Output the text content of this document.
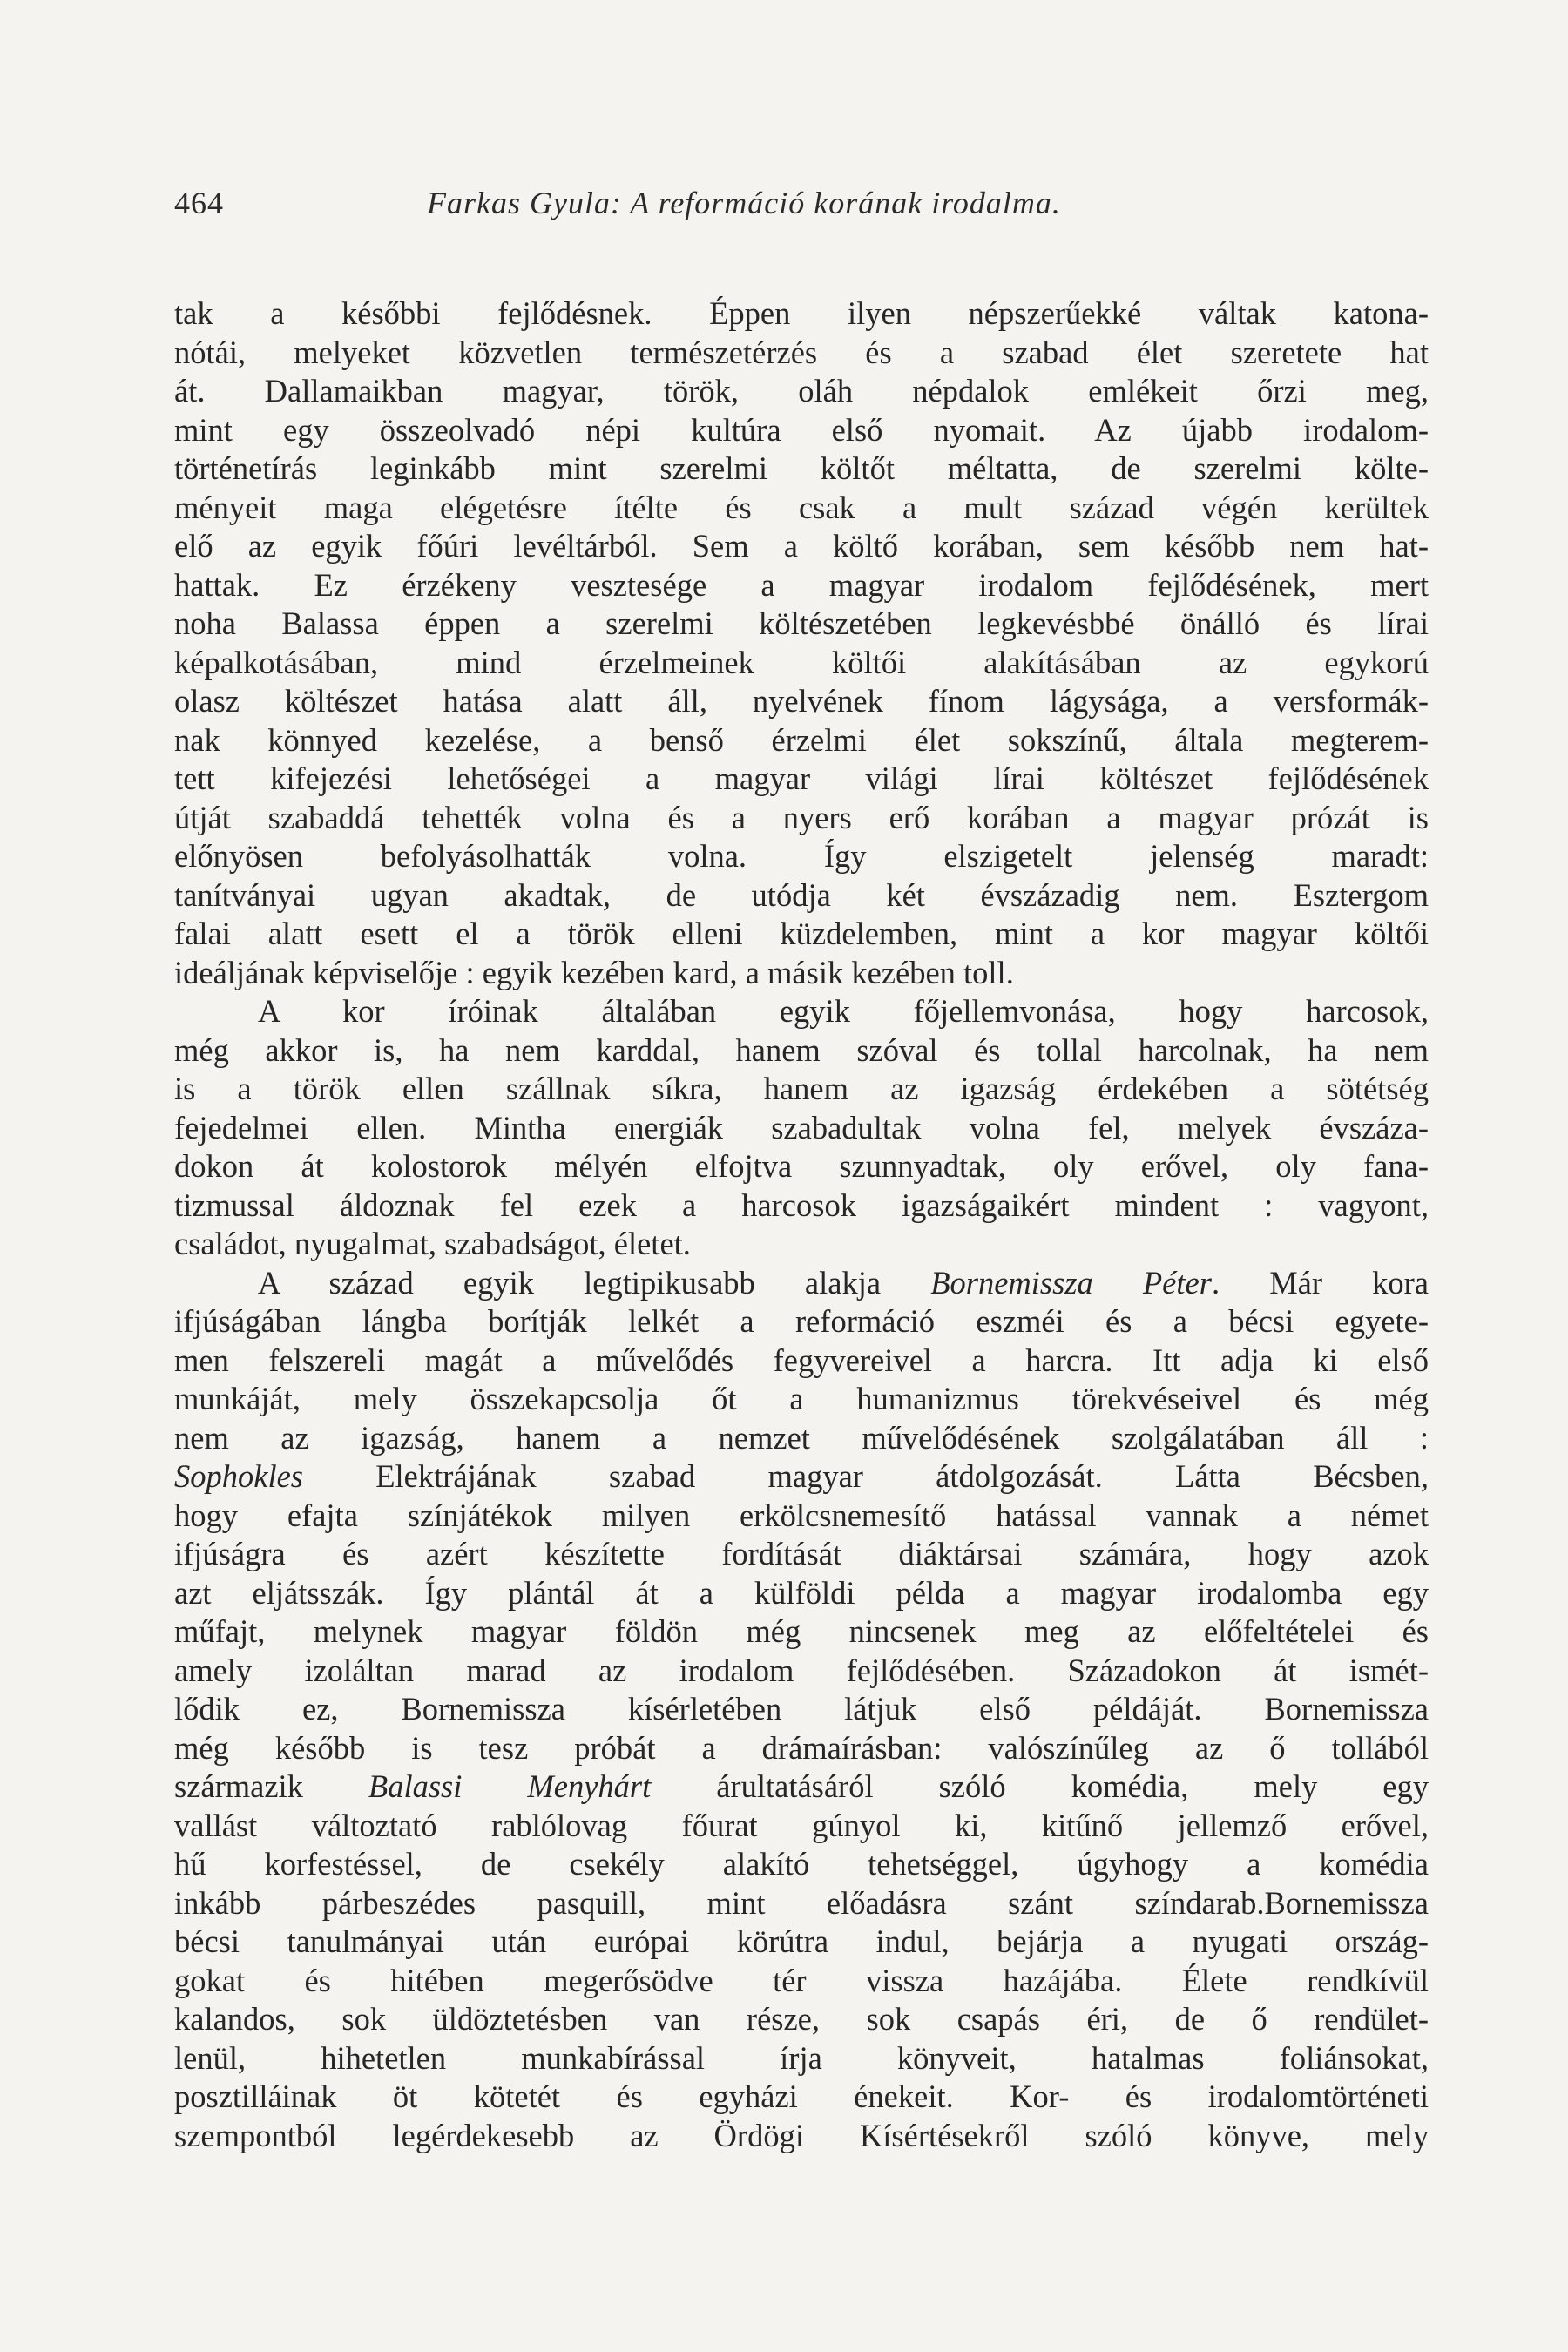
464	Farkas Gyula: A reformáció korának irodalma.
tak a későbbi fejlődésnek. Éppen ilyen népszerűekké váltak katona-
nótái, melyeket közvetlen természetérzés és a szabad élet szeretete hat
át. Dallamaikban magyar, török, oláh népdalok emlékeit őrzi meg,
mint egy összeolvadó népi kultúra első nyomait. Az újabb irodalom-
történetírás leginkább mint szerelmi költőt méltatta, de szerelmi költe-
ményeit maga elégetésre ítélte és csak a mult század végén kerültek
elő az egyik főúri levéltárból. Sem a költő korában, sem később nem hat-
hattak. Ez érzékeny vesztesége a magyar irodalom fejlődésének, mert
noha Balassa éppen a szerelmi költészetében legkevésbbé önálló és lírai
képalkotásában, mind érzelmeinek költői alakításában az egykorú
olasz költészet hatása alatt áll, nyelvének fínom lágysága, a versformák-
nak könnyed kezelése, a benső érzelmi élet sokszínű, általa megterem-
tett kifejezési lehetőségei a magyar világi lírai költészet fejlődésének
útját szabaddá tehették volna és a nyers erő korában a magyar prózát is
előnyösen befolyásolhatták volna. Így elszigetelt jelenség maradt:
tanítványai ugyan akadtak, de utódja két évszázadig nem. Esztergom
falai alatt esett el a török elleni küzdelemben, mint a kor magyar költői
ideáljának képviselője : egyik kezében kard, a másik kezében toll.
A kor íróinak általában egyik főjellemvonása, hogy harcosok,
még akkor is, ha nem karddal, hanem szóval és tollal harcolnak, ha nem
is a török ellen szállnak síkra, hanem az igazság érdekében a sötétség
fejedelmei ellen. Mintha energiák szabadultak volna fel, melyek évszáza-
dokon át kolostorok mélyén elfojtva szunnyadtak, oly erővel, oly fana-
tizmussal áldoznak fel ezek a harcosok igazságaikért mindent : vagyont,
családot, nyugalmat, szabadságot, életet.
A század egyik legtipikusabb alakja Bornemissza Péter. Már kora
ifjúságában lángba borítják lelkét a reformáció eszméi és a bécsi egyete-
men felszereli magát a művelődés fegyvereivel a harcra. Itt adja ki első
munkáját, mely összekapcsolja őt a humanizmus törekvéseivel és még
nem az igazság, hanem a nemzet művelődésének szolgálatában áll :
Sophokles Elektrájának szabad magyar átdolgozását. Látta Bécsben,
hogy efajta színjátékok milyen erkölcsnemesítő hatással vannak a német
ifjúságra és azért készítette fordítását diáktársai számára, hogy azok
azt eljátsszák. Így plántál át a külföldi példa a magyar irodalomba egy
műfajt, melynek magyar földön még nincsenek meg az előfeltételei és
amely izoláltan marad az irodalom fejlődésében. Századokon át ismét-
lődik ez, Bornemissza kísérletében látjuk első példáját. Bornemissza
még később is tesz próbát a drámaírásban: valószínűleg az ő tollából
származik Balassi Menyhárt árultatásáról szóló komédia, mely egy
vallást változtató rablólovag főurat gúnyol ki, kitűnő jellemző erővel,
hű korfestéssel, de csekély alakító tehetséggel, úgyhogy a komédia
inkább párbeszédes pasquill, mint előadásra szánt színdarab.Bornemissza
bécsi tanulmányai után európai körútra indul, bejárja a nyugati ország-
gokat és hitében megerősödve tér vissza hazájába. Élete rendkívül
kalandos, sok üldöztetésben van része, sok csapás éri, de ő rendület-
lenül, hihetetlen munkabírással írja könyveit, hatalmas foliánsokat,
posztilláinak öt kötetét és egyházi énekeit. Kor- és irodalomtörténeti
szempontból legérdekesebb az Ördögi Kísértésekről szóló könyve, mely
